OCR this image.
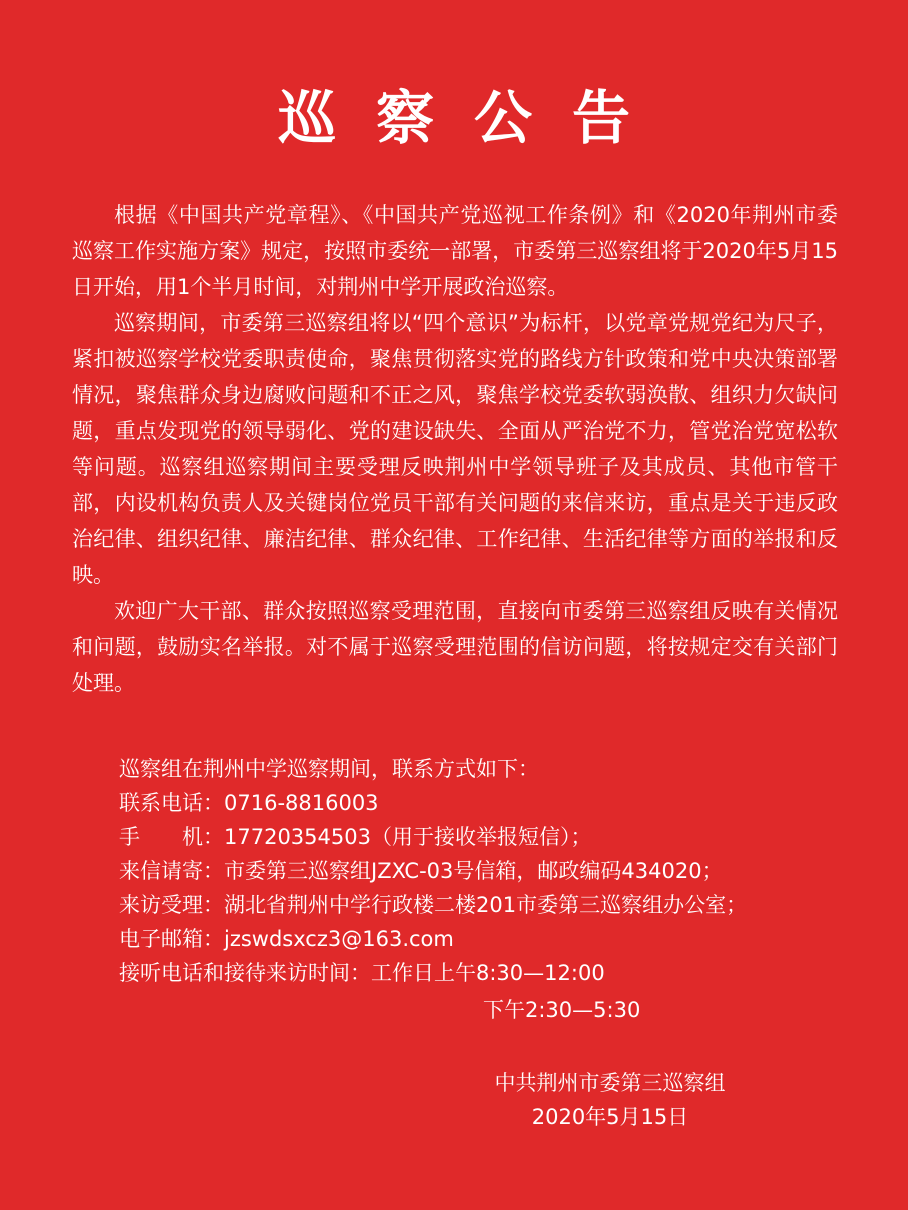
巡察公告

根据《中国共产党章程》、《中国共产党巡视工作条例》和《2020年荆州市委巡察工作实施方案》规定，按照市委统一部署，市委第三巡察组将于2020年5月15日开始，用1个半月时间，对荆州中学开展政治巡察。

巡察期间，市委第三巡察组将以“四个意识”为标杆，以党章党规党纪为尺子，紧扣被巡察学校党委职责使命，聚焦贯彻落实党的路线方针政策和党中央决策部署情况，聚焦群众身边腐败问题和不正之风，聚焦学校党委软弱涣散、组织力欠缺问题，重点发现党的领导弱化、党的建设缺失、全面从严治党不力，管党治党宽松软等问题。巡察组巡察期间主要受理反映荆州中学领导班子及其成员、其他市管干部，内设机构负责人及关键岗位党员干部有关问题的来信来访，重点是关于违反政治纪律、组织纪律、廉洁纪律、群众纪律、工作纪律、生活纪律等方面的举报和反映。

欢迎广大干部、群众按照巡察受理范围，直接向市委第三巡察组反映有关情况和问题，鼓励实名举报。对不属于巡察受理范围的信访问题，将按规定交有关部门处理。

巡察组在荆州中学巡察期间，联系方式如下：
联系电话： 0716-8816003
手 机： 17720354503（用于接收举报短信）；
来信请寄： 市委第三巡察组JZXC-03号信箱，邮政编码434020；
来访受理： 湖北省荆州中学行政楼二楼201市委第三巡察组办公室；
电子邮箱： jzswdsxcz3@163.com
接听电话和接待来访时间： 工作日上午8:30—12:00
下午2:30—5:30
中共荆州市委第三巡察组
2020年5月15日
